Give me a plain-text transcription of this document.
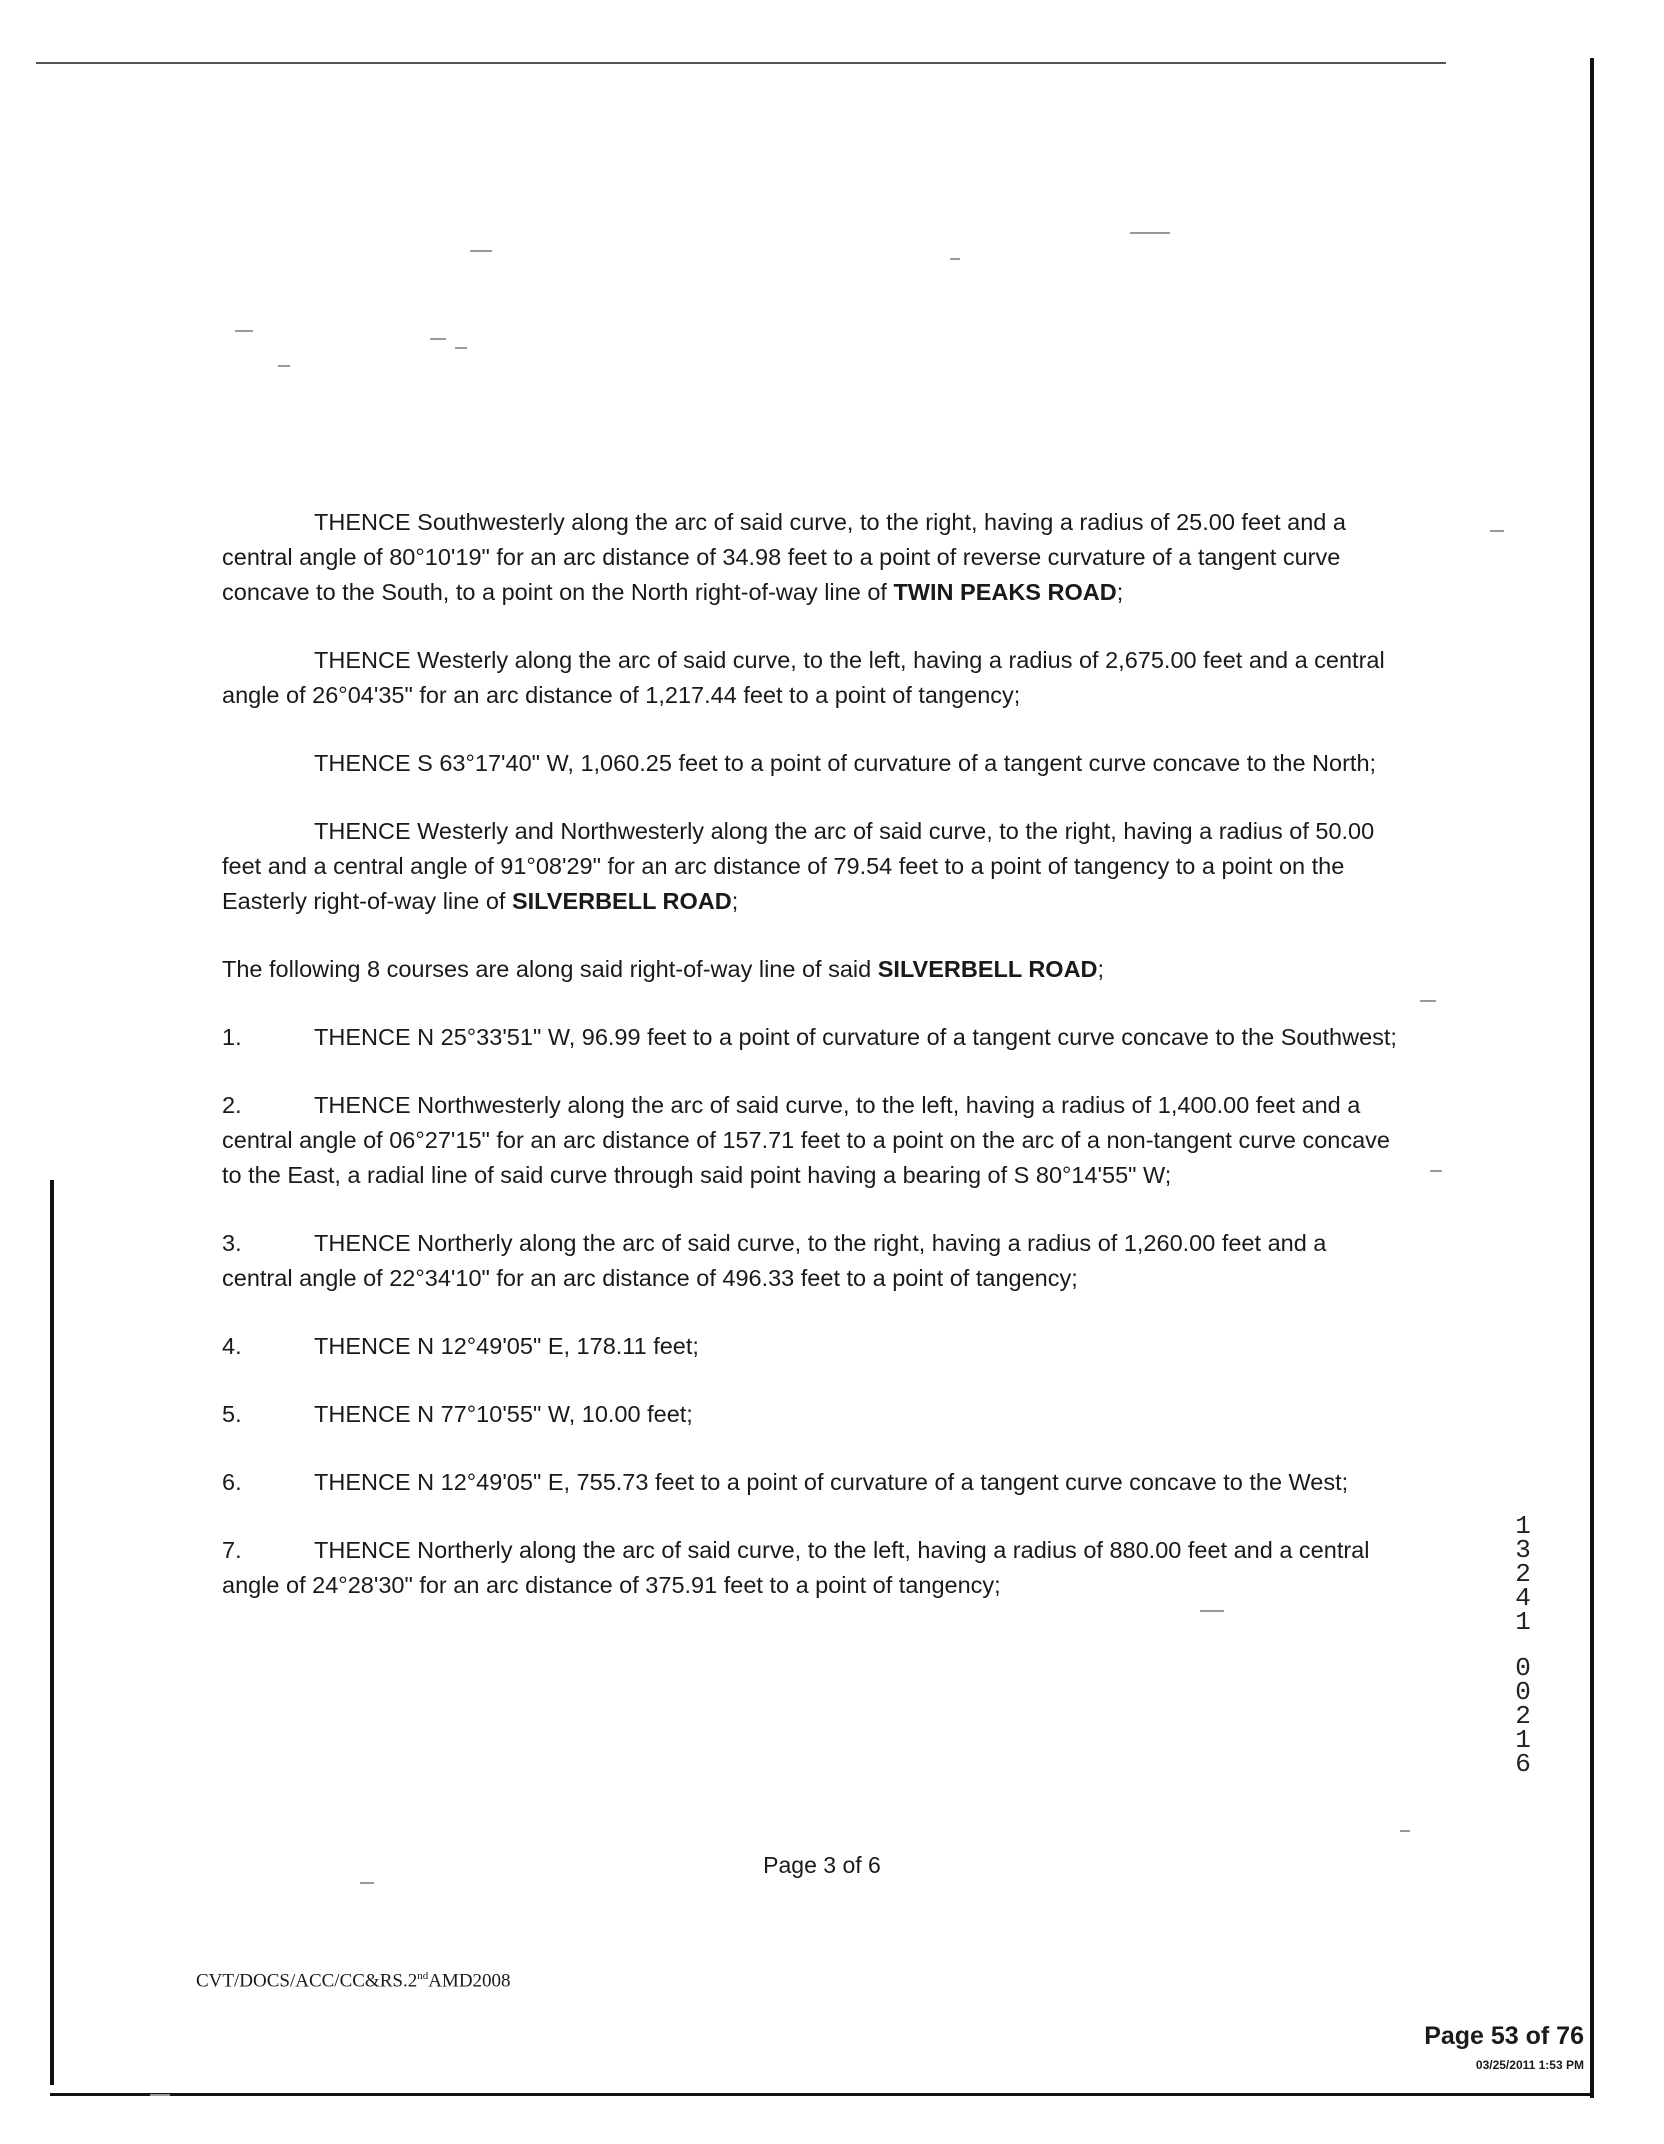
THENCE Southwesterly along the arc of said curve, to the right, having a radius of 25.00 feet and a central angle of 80°10'19" for an arc distance of 34.98 feet to a point of reverse curvature of a tangent curve concave to the South, to a point on the North right-of-way line of TWIN PEAKS ROAD;

THENCE Westerly along the arc of said curve, to the left, having a radius of 2,675.00 feet and a central angle of 26°04'35" for an arc distance of 1,217.44 feet to a point of tangency;

THENCE S 63°17'40" W, 1,060.25 feet to a point of curvature of a tangent curve concave to the North;

THENCE Westerly and Northwesterly along the arc of said curve, to the right, having a radius of 50.00 feet and a central angle of 91°08'29" for an arc distance of 79.54 feet to a point of tangency to a point on the Easterly right-of-way line of SILVERBELL ROAD;

The following 8 courses are along said right-of-way line of said SILVERBELL ROAD;

1.	THENCE N 25°33'51" W, 96.99 feet to a point of curvature of a tangent curve concave to the Southwest;

2.	THENCE Northwesterly along the arc of said curve, to the left, having a radius of 1,400.00 feet and a central angle of 06°27'15" for an arc distance of 157.71 feet to a point on the arc of a non-tangent curve concave to the East, a radial line of said curve through said point having a bearing of S 80°14'55" W;

3.	THENCE Northerly along the arc of said curve, to the right, having a radius of 1,260.00 feet and a central angle of 22°34'10" for an arc distance of 496.33 feet to a point of tangency;

4.	THENCE N 12°49'05" E, 178.11 feet;

5.	THENCE N 77°10'55" W, 10.00 feet;

6.	THENCE N 12°49'05" E, 755.73 feet to a point of curvature of a tangent curve concave to the West;

7.	THENCE Northerly along the arc of said curve, to the left, having a radius of 880.00 feet and a central angle of 24°28'30" for an arc distance of 375.91 feet to a point of tangency;

Page 3 of 6
CVT/DOCS/ACC/CC&RS.2ndAMD2008
Page 53 of 76
03/25/2011 1:53 PM
1
3
2
4
1
0
0
2
1
6
